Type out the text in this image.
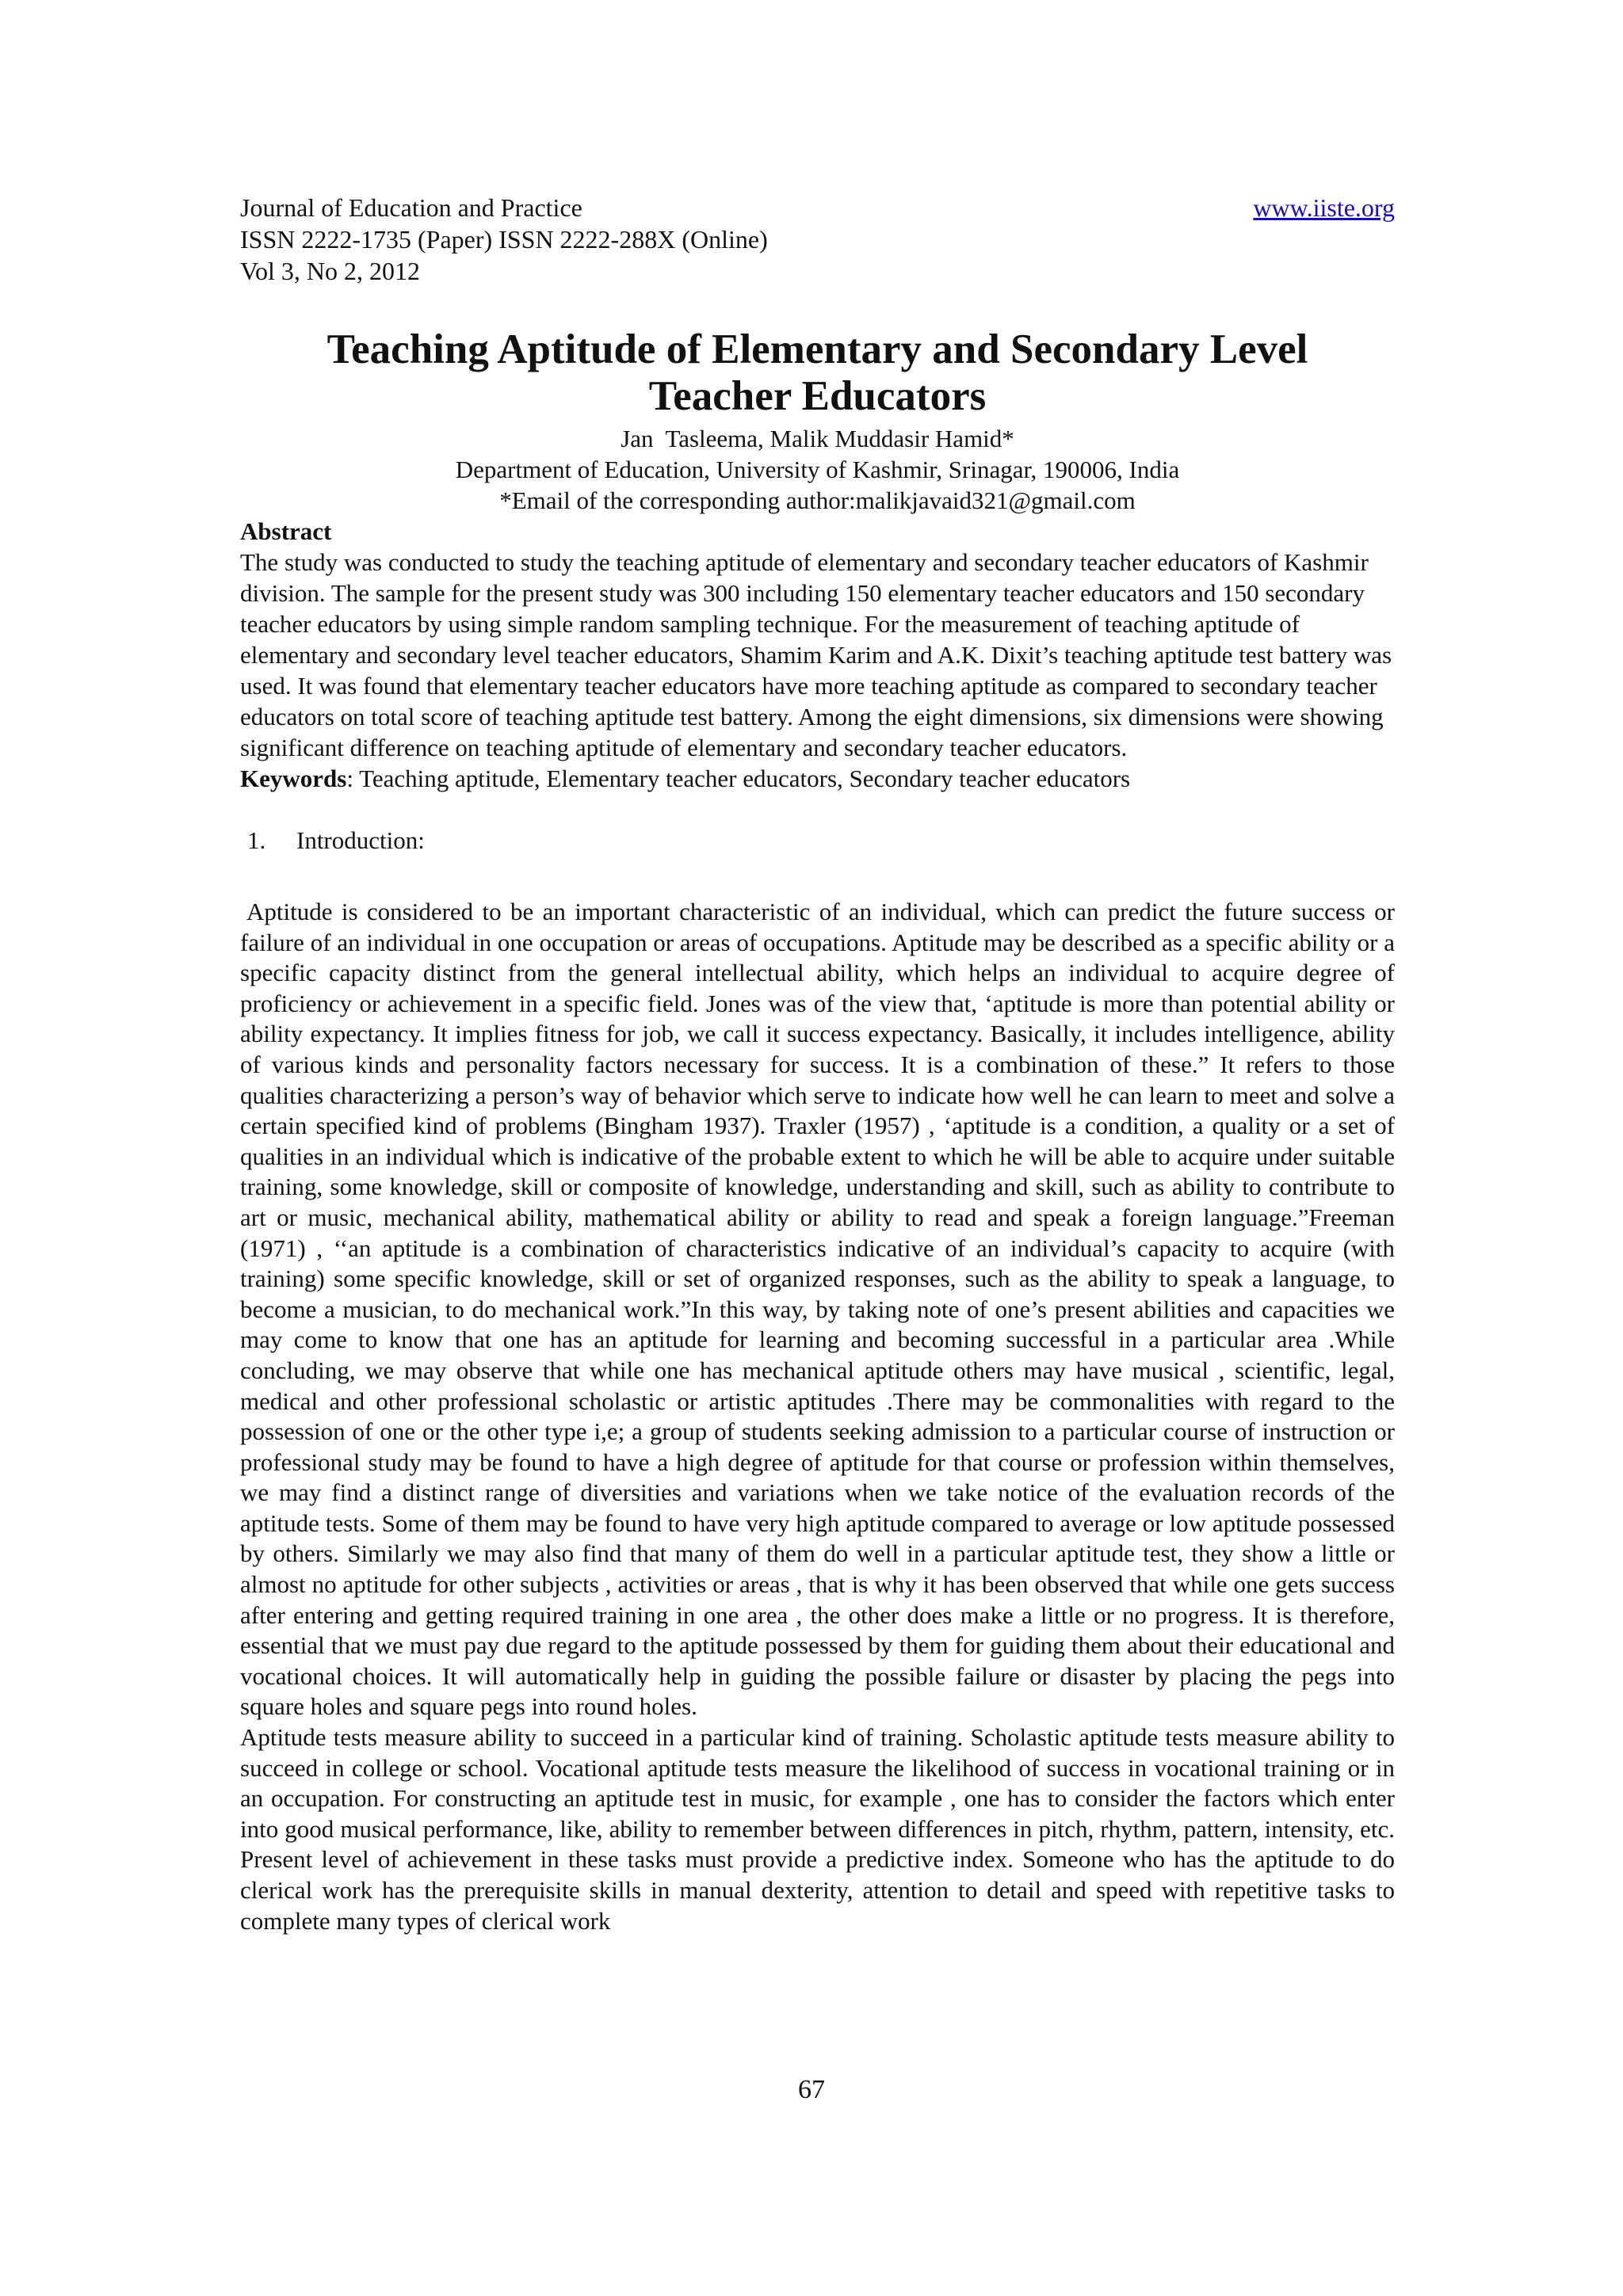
Journal of Education and Practice	www.iiste.org
ISSN 2222-1735 (Paper) ISSN 2222-288X (Online)
Vol 3, No 2, 2012
Teaching Aptitude of Elementary and Secondary Level
Teacher Educators
Jan  Tasleema, Malik Muddasir Hamid*
Department of Education, University of Kashmir, Srinagar, 190006, India
*Email of the corresponding author:malikjavaid321@gmail.com
Abstract
The study was conducted to study the teaching aptitude of elementary and secondary teacher educators of Kashmir division. The sample for the present study was 300 including 150 elementary teacher educators and 150 secondary teacher educators by using simple random sampling technique. For the measurement of teaching aptitude of elementary and secondary level teacher educators, Shamim Karim and A.K. Dixit’s teaching aptitude test battery was used. It was found that elementary teacher educators have more teaching aptitude as compared to secondary teacher educators on total score of teaching aptitude test battery. Among the eight dimensions, six dimensions were showing significant difference on teaching aptitude of elementary and secondary teacher educators.
Keywords: Teaching aptitude, Elementary teacher educators, Secondary teacher educators
1. Introduction:

Aptitude is considered to be an important characteristic of an individual, which can predict the future success or failure of an individual in one occupation or areas of occupations. Aptitude may be described as a specific ability or a specific capacity distinct from the general intellectual ability, which helps an individual to acquire degree of proficiency or achievement in a specific field. Jones was of the view that, ‘aptitude is more than potential ability or ability expectancy. It implies fitness for job, we call it success expectancy. Basically, it includes intelligence, ability of various kinds and personality factors necessary for success. It is a combination of these.” It refers to those qualities characterizing a person’s way of behavior which serve to indicate how well he can learn to meet and solve a certain specified kind of problems (Bingham 1937). Traxler (1957) , ‘aptitude is a condition, a quality or a set of qualities in an individual which is indicative of the probable extent to which he will be able to acquire under suitable training, some knowledge, skill or composite of knowledge, understanding and skill, such as ability to contribute to art or music, mechanical ability, mathematical ability or ability to read and speak a foreign language.”Freeman (1971) , ‘‘an aptitude is a combination of characteristics indicative of an individual’s capacity to acquire (with training) some specific knowledge, skill or set of organized responses, such as the ability to speak a language, to become a musician, to do mechanical work.”In this way, by taking note of one’s present abilities and capacities we may come to know that one has an aptitude for learning and becoming successful in a particular area .While concluding, we may observe that while one has mechanical aptitude others may have musical , scientific, legal, medical and other professional scholastic or artistic aptitudes .There may be commonalities with regard to the possession of one or the other type i,e; a group of students seeking admission to a particular course of instruction or professional study may be found to have a high degree of aptitude for that course or profession within themselves, we may find a distinct range of diversities and variations when we take notice of the evaluation records of the aptitude tests. Some of them may be found to have very high aptitude compared to average or low aptitude possessed by others. Similarly we may also find that many of them do well in a particular aptitude test, they show a little or almost no aptitude for other subjects , activities or areas , that is why it has been observed that while one gets success after entering and getting required training in one area , the other does make a little or no progress. It is therefore, essential that we must pay due regard to the aptitude possessed by them for guiding them about their educational and vocational choices. It will automatically help in guiding the possible failure or disaster by placing the pegs into square holes and square pegs into round holes.

Aptitude tests measure ability to succeed in a particular kind of training. Scholastic aptitude tests measure ability to succeed in college or school. Vocational aptitude tests measure the likelihood of success in vocational training or in an occupation. For constructing an aptitude test in music, for example , one has to consider the factors which enter into good musical performance, like, ability to remember between differences in pitch, rhythm, pattern, intensity, etc. Present level of achievement in these tasks must provide a predictive index. Someone who has the aptitude to do clerical work has the prerequisite skills in manual dexterity, attention to detail and speed with repetitive tasks to complete many types of clerical work

67
